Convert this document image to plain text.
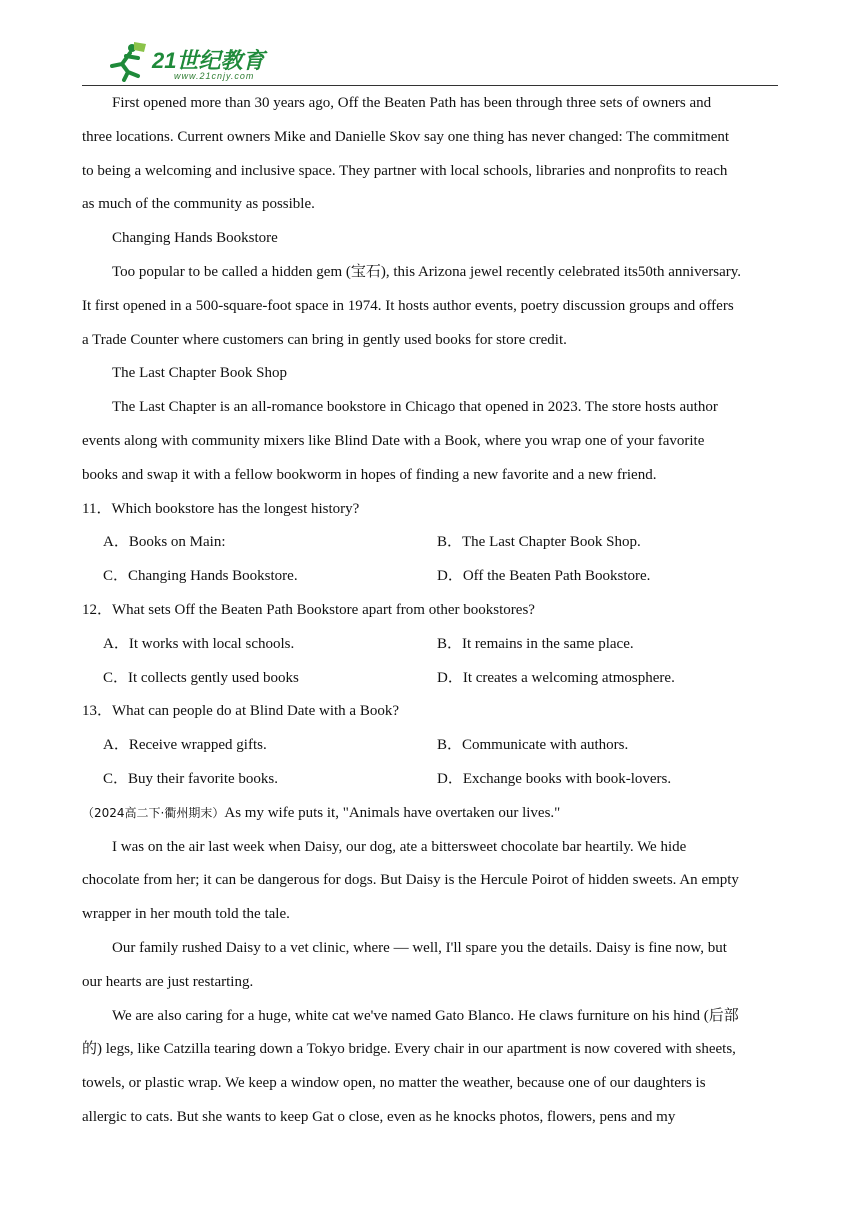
21世纪教育
www.21cnjy.com
First opened more than 30 years ago, Off the Beaten Path has been through three sets of owners and
three locations. Current owners Mike and Danielle Skov say one thing has never changed: The commitment
to being a welcoming and inclusive space. They partner with local schools, libraries and nonprofits to reach
as much of the community as possible.
Changing Hands Bookstore
Too popular to be called a hidden gem (宝石), this Arizona jewel recently celebrated its50th anniversary.
It first opened in a 500-square-foot space in 1974. It hosts author events, poetry discussion groups and offers
a Trade Counter where customers can bring in gently used books for store credit.
The Last Chapter Book Shop
The Last Chapter is an all-romance bookstore in Chicago that opened in 2023. The store hosts author
events along with community mixers like Blind Date with a Book, where you wrap one of your favorite
books and swap it with a fellow bookworm in hopes of finding a new favorite and a new friend.
11．Which bookstore has the longest history?
A．Books on Main:	B．The Last Chapter Book Shop.
C．Changing Hands Bookstore.	D．Off the Beaten Path Bookstore.
12．What sets Off the Beaten Path Bookstore apart from other bookstores?
A．It works with local schools.	B．It remains in the same place.
C．It collects gently used books	D．It creates a welcoming atmosphere.
13．What can people do at Blind Date with a Book?
A．Receive wrapped gifts.	B．Communicate with authors.
C．Buy their favorite books.	D．Exchange books with book-lovers.
（2024高二下·衢州期末）As my wife puts it, "Animals have overtaken our lives."
I was on the air last week when Daisy, our dog, ate a bittersweet chocolate bar heartily. We hide
chocolate from her; it can be dangerous for dogs. But Daisy is the Hercule Poirot of hidden sweets. An empty
wrapper in her mouth told the tale.
Our family rushed Daisy to a vet clinic, where — well, I'll spare you the details. Daisy is fine now, but
our hearts are just restarting.
We are also caring for a huge, white cat we've named Gato Blanco. He claws furniture on his hind (后部
的) legs, like Catzilla tearing down a Tokyo bridge. Every chair in our apartment is now covered with sheets,
towels, or plastic wrap. We keep a window open, no matter the weather, because one of our daughters is
allergic to cats. But she wants to keep Gat o close, even as he knocks photos, flowers, pens and my
